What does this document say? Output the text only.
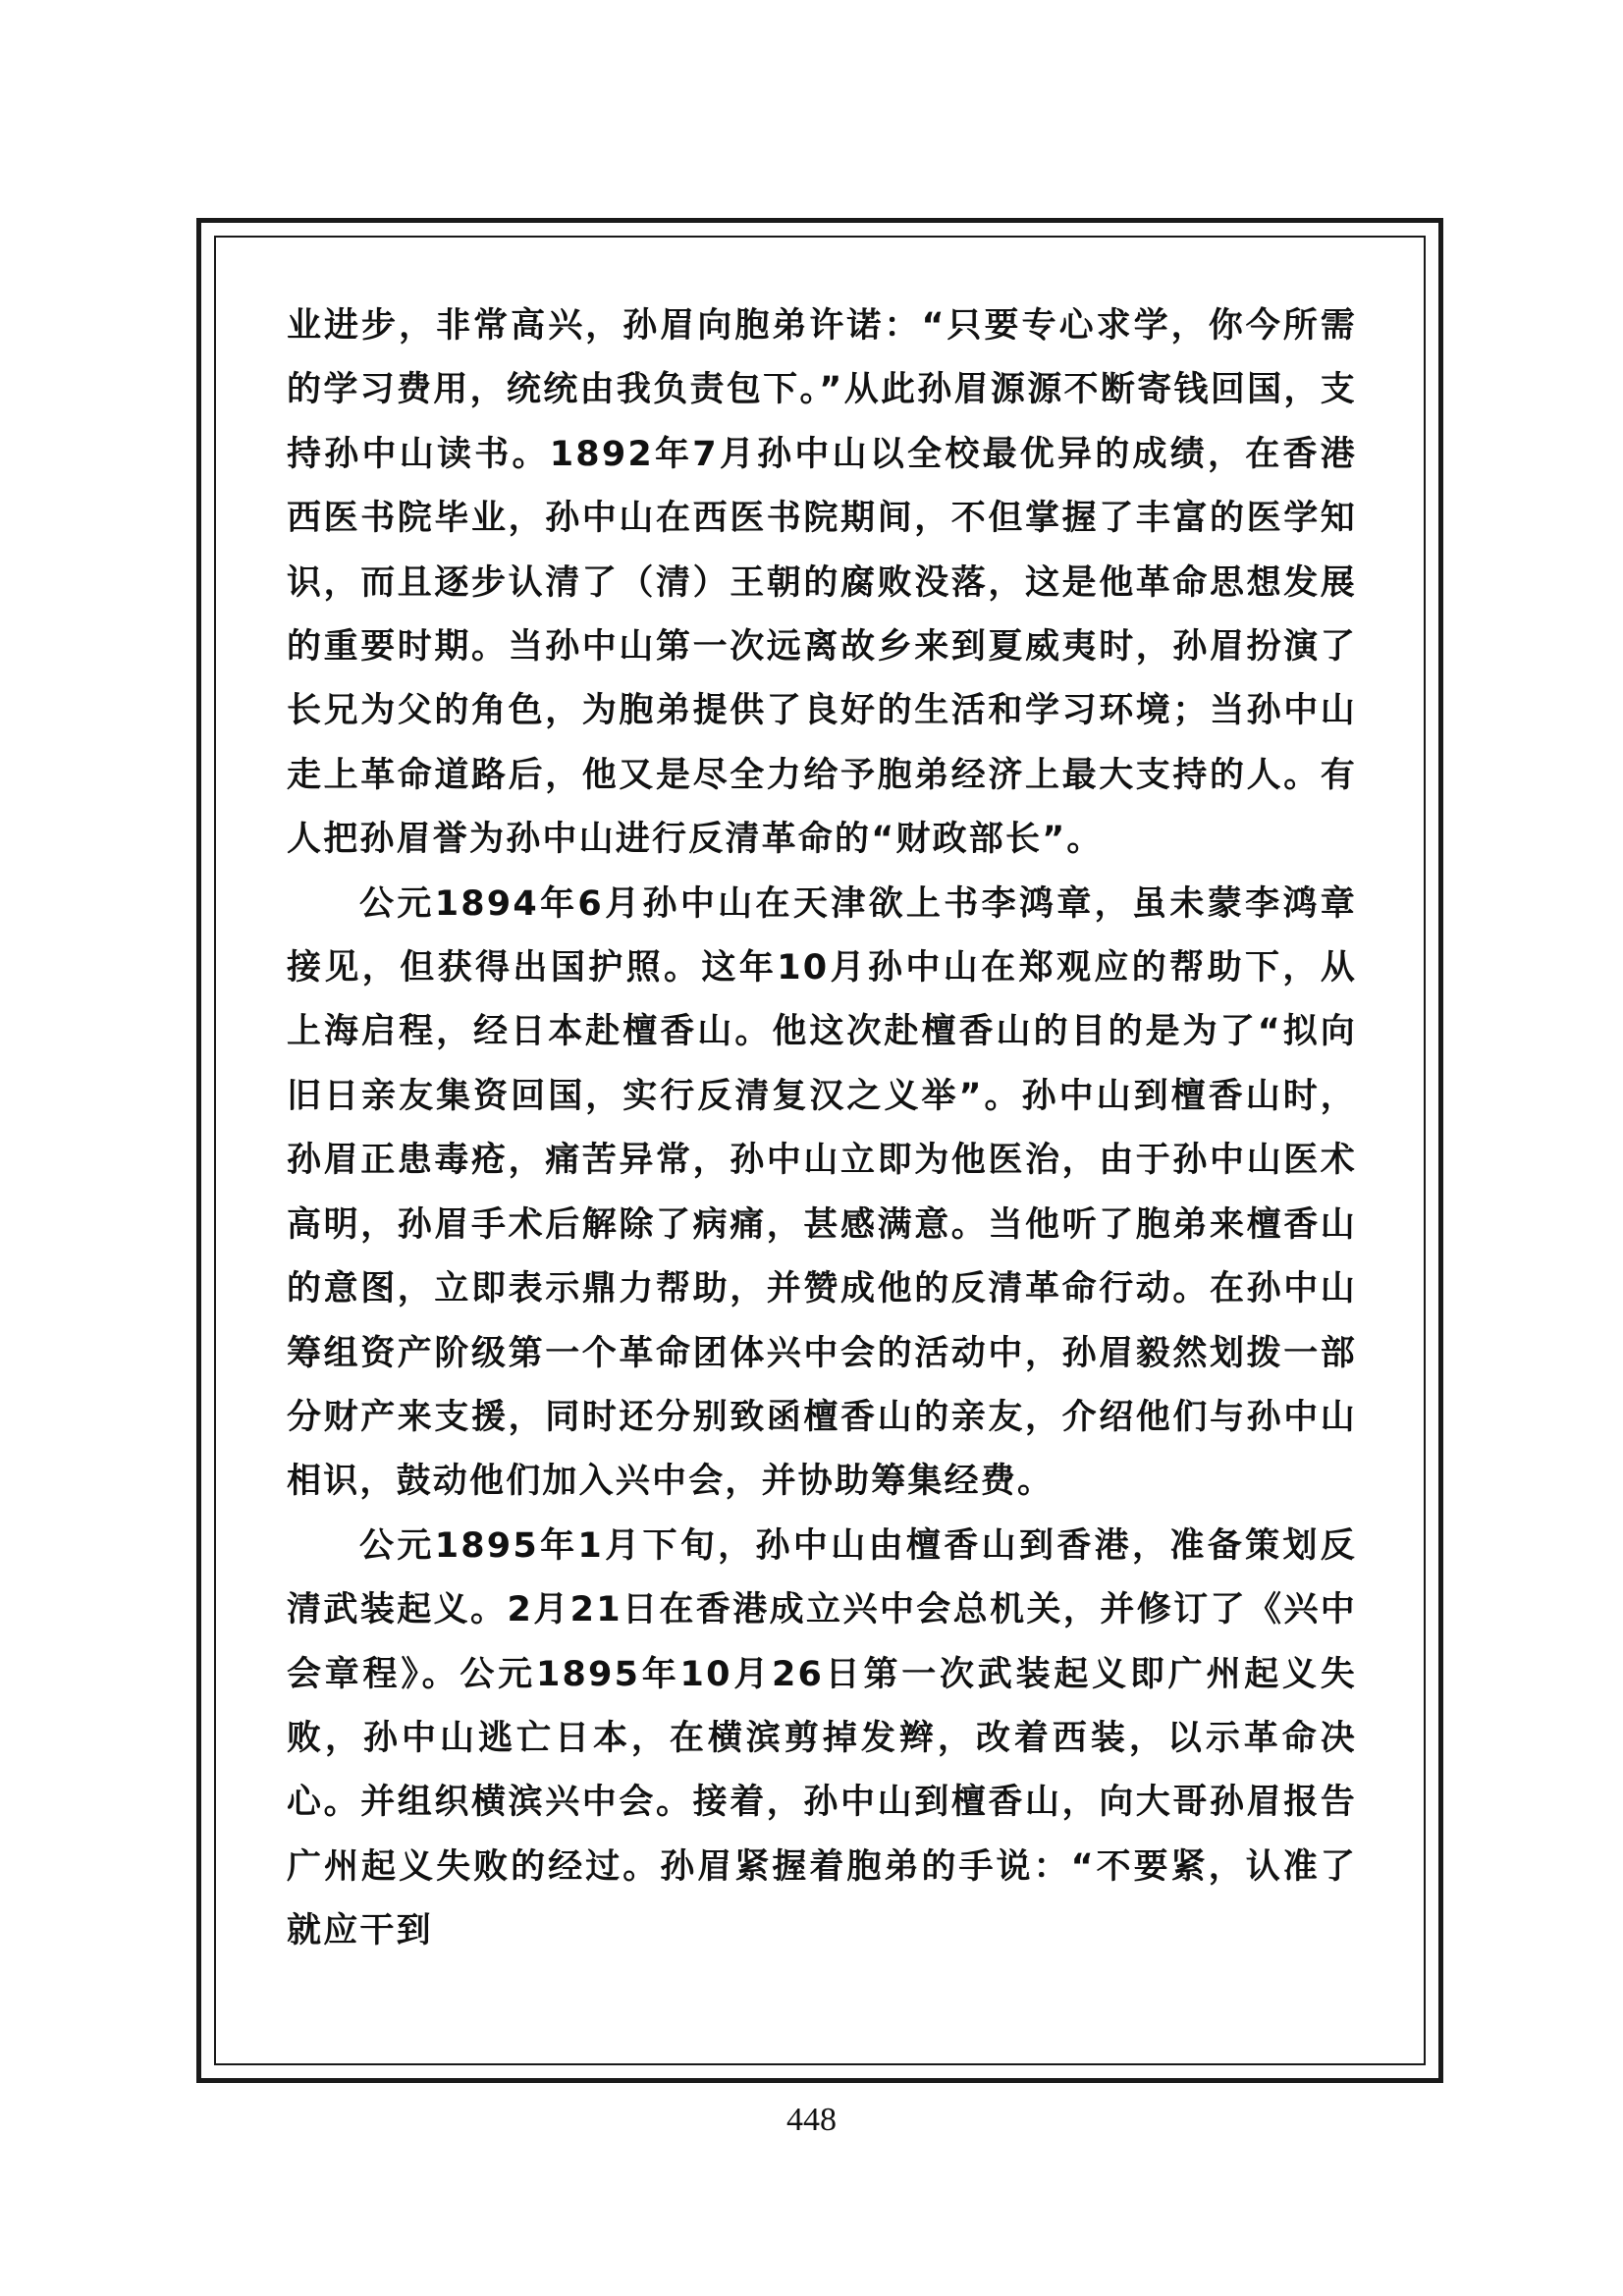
业进步，非常高兴，孙眉向胞弟许诺：“只要专心求学，你今所需的学习费用，统统由我负责包下。”从此孙眉源源不断寄钱回国，支持孙中山读书。1892年7月孙中山以全校最优异的成绩，在香港西医书院毕业，孙中山在西医书院期间，不但掌握了丰富的医学知识，而且逐步认清了（清）王朝的腐败没落，这是他革命思想发展的重要时期。当孙中山第一次远离故乡来到夏威夷时，孙眉扮演了长兄为父的角色，为胞弟提供了良好的生活和学习环境；当孙中山走上革命道路后，他又是尽全力给予胞弟经济上最大支持的人。有人把孙眉誉为孙中山进行反清革命的“财政部长”。

公元1894年6月孙中山在天津欲上书李鸿章，虽未蒙李鸿章接见，但获得出国护照。这年10月孙中山在郑观应的帮助下，从上海启程，经日本赴檀香山。他这次赴檀香山的目的是为了“拟向旧日亲友集资回国，实行反清复汉之义举”。孙中山到檀香山时，孙眉正患毒疮，痛苦异常，孙中山立即为他医治，由于孙中山医术高明，孙眉手术后解除了病痛，甚感满意。当他听了胞弟来檀香山的意图，立即表示鼎力帮助，并赞成他的反清革命行动。在孙中山筹组资产阶级第一个革命团体兴中会的活动中，孙眉毅然划拨一部分财产来支援，同时还分别致函檀香山的亲友，介绍他们与孙中山相识，鼓动他们加入兴中会，并协助筹集经费。

公元1895年1月下旬，孙中山由檀香山到香港，准备策划反清武装起义。2月21日在香港成立兴中会总机关，并修订了《兴中会章程》。公元1895年10月26日第一次武装起义即广州起义失败，孙中山逃亡日本，在横滨剪掉发辫，改着西装，以示革命决心。并组织横滨兴中会。接着，孙中山到檀香山，向大哥孙眉报告广州起义失败的经过。孙眉紧握着胞弟的手说：“不要紧，认准了就应干到

448
